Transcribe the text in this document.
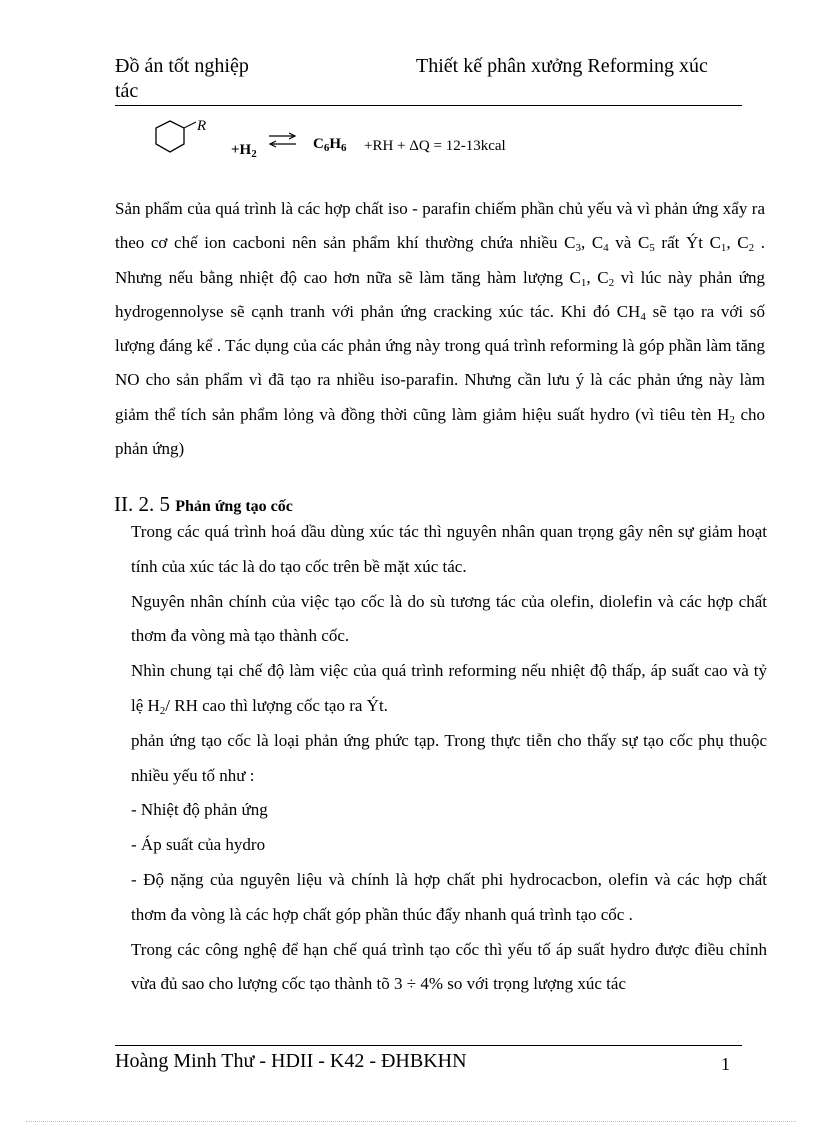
Đồ án tốt nghiệp	Thiết kế phân xưởng Reforming xúc
tác
R
$+H_2$
⇌ $C_6H_6 +RH + \Delta Q$ = 12-13kcal

Sản phẩm của quá trình là các hợp chất iso - parafin chiếm phần chủ yếu và vì phản ứng xẩy ra theo cơ chế ion cacboni nên sản phẩm khí thường chứa nhiều $C_3$, $C_4$ và $C_5$ rất Ýt $C_1$, $C_2$ . Nhưng nếu bằng nhiệt độ cao hơn nữa sẽ làm tăng hàm lượng $C_1$, $C_2$ vì lúc này phản ứng hydrogennolyse sẽ cạnh tranh với phản ứng cracking xúc tác. Khi đó $CH_4$ sẽ tạo ra với số lượng đáng kể . Tác dụng của các phản ứng này trong quá trình reforming là góp phần làm tăng NO cho sản phẩm vì đã tạo ra nhiều iso-parafin. Nhưng cần lưu ý là các phản ứng này làm giảm thể tích sản phẩm lỏng và đồng thời cũng làm giảm hiệu suất hydro (vì tiêu tèn $H_2$ cho phản ứng)

II. 2. 5 Phản ứng tạo cốc

Trong các quá trình hoá dầu dùng xúc tác thì nguyên nhân quan trọng gây nên sự giảm hoạt tính của xúc tác là do tạo cốc trên bề mặt xúc tác.

Nguyên nhân chính của việc tạo cốc là do sù tương tác của olefin, diolefin và các hợp chất thơm đa vòng mà tạo thành cốc.

Nhìn chung tại chế độ làm việc của quá trình reforming nếu nhiệt độ thấp, áp suất cao và tỷ lệ $H_2/$ RH cao thì lượng cốc tạo ra Ýt.

phản ứng tạo cốc là loại phản ứng phức tạp. Trong thực tiễn cho thấy sự tạo cốc phụ thuộc nhiều yếu tố như :

- Nhiệt độ phản ứng

- Áp suất của hydro

- Độ nặng của nguyên liệu và chính là hợp chất phi hydrocacbon, olefin và các hợp chất thơm đa vòng là các hợp chất góp phần thúc đẩy nhanh quá trình tạo cốc .

Trong các công nghệ để hạn chế quá trình tạo cốc thì yếu tố áp suất hydro được điều chỉnh vừa đủ sao cho lượng cốc tạo thành tõ 3 ÷ 4% so với trọng lượng xúc tác

Hoàng Minh Thư - HDII - K42 - ĐHBKHN	1
